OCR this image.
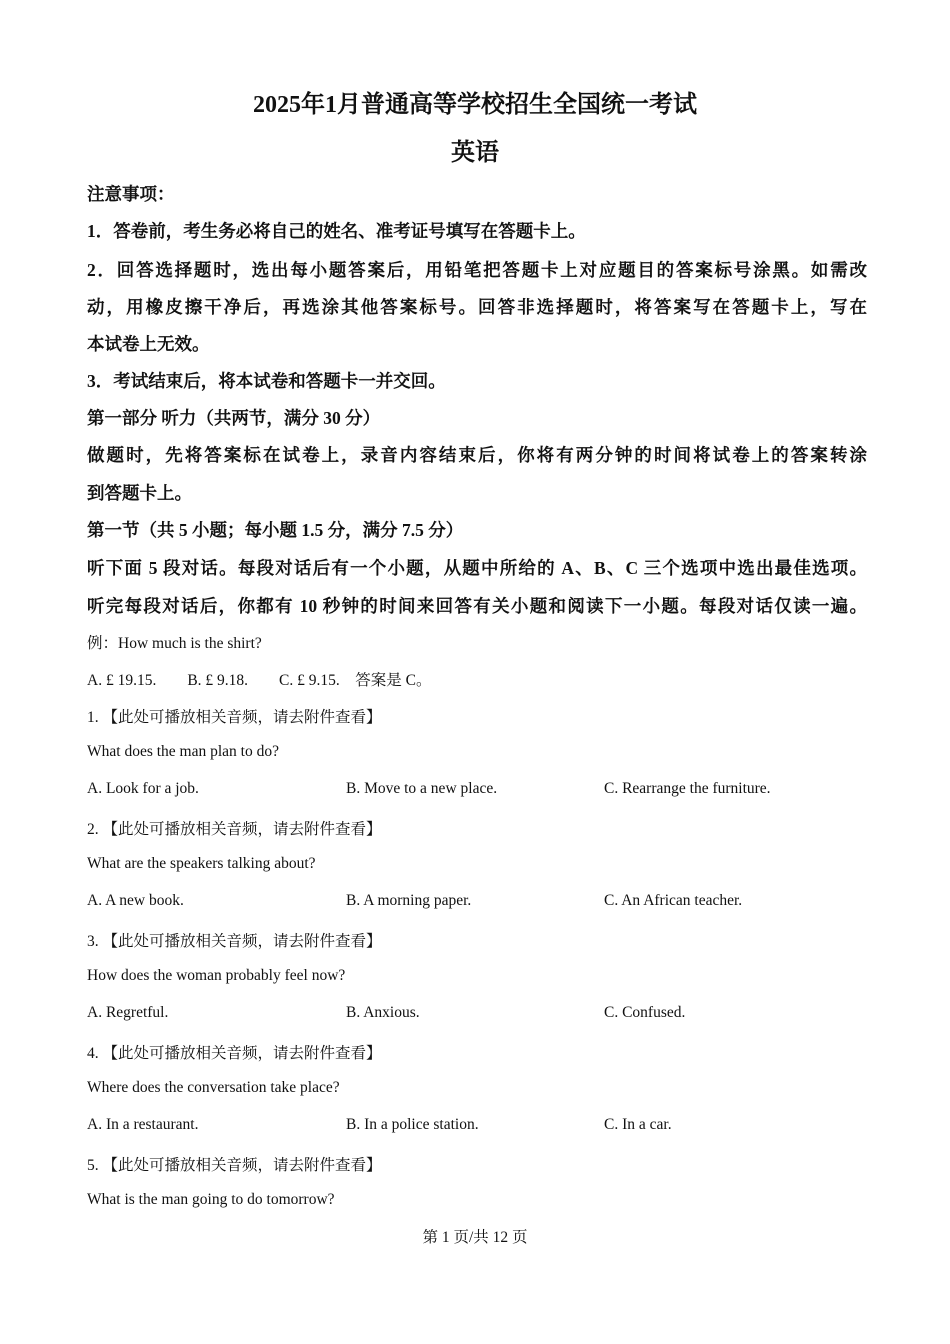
2025年1月普通高等学校招生全国统一考试
英语
注意事项：
1．答卷前，考生务必将自己的姓名、准考证号填写在答题卡上。
2．回答选择题时，选出每小题答案后，用铅笔把答题卡上对应题目的答案标号涂黑。如需改
动，用橡皮擦干净后，再选涂其他答案标号。回答非选择题时，将答案写在答题卡上，写在
本试卷上无效。
3．考试结束后，将本试卷和答题卡一并交回。
第一部分 听力（共两节，满分 30 分）
做题时，先将答案标在试卷上，录音内容结束后，你将有两分钟的时间将试卷上的答案转涂
到答题卡上。
第一节（共 5 小题；每小题 1.5 分，满分 7.5 分）
听下面 5 段对话。每段对话后有一个小题，从题中所给的 A、B、C 三个选项中选出最佳选项。
听完每段对话后，你都有 10 秒钟的时间来回答有关小题和阅读下一小题。每段对话仅读一遍。
例：How much is the shirt?
A. £ 19.15.        B. £ 9.18.        C. £ 9.15.    答案是 C。
1. 【此处可播放相关音频，请去附件查看】
What does the man plan to do?
A. Look for a job.	B. Move to a new place.	C. Rearrange the furniture.
2. 【此处可播放相关音频，请去附件查看】
What are the speakers talking about?
A. A new book.	B. A morning paper.	C. An African teacher.
3. 【此处可播放相关音频，请去附件查看】
How does the woman probably feel now?
A. Regretful.	B. Anxious.	C. Confused.
4. 【此处可播放相关音频，请去附件查看】
Where does the conversation take place?
A. In a restaurant.	B. In a police station.	C. In a car.
5. 【此处可播放相关音频，请去附件查看】
What is the man going to do tomorrow?
第 1 页/共 12 页
